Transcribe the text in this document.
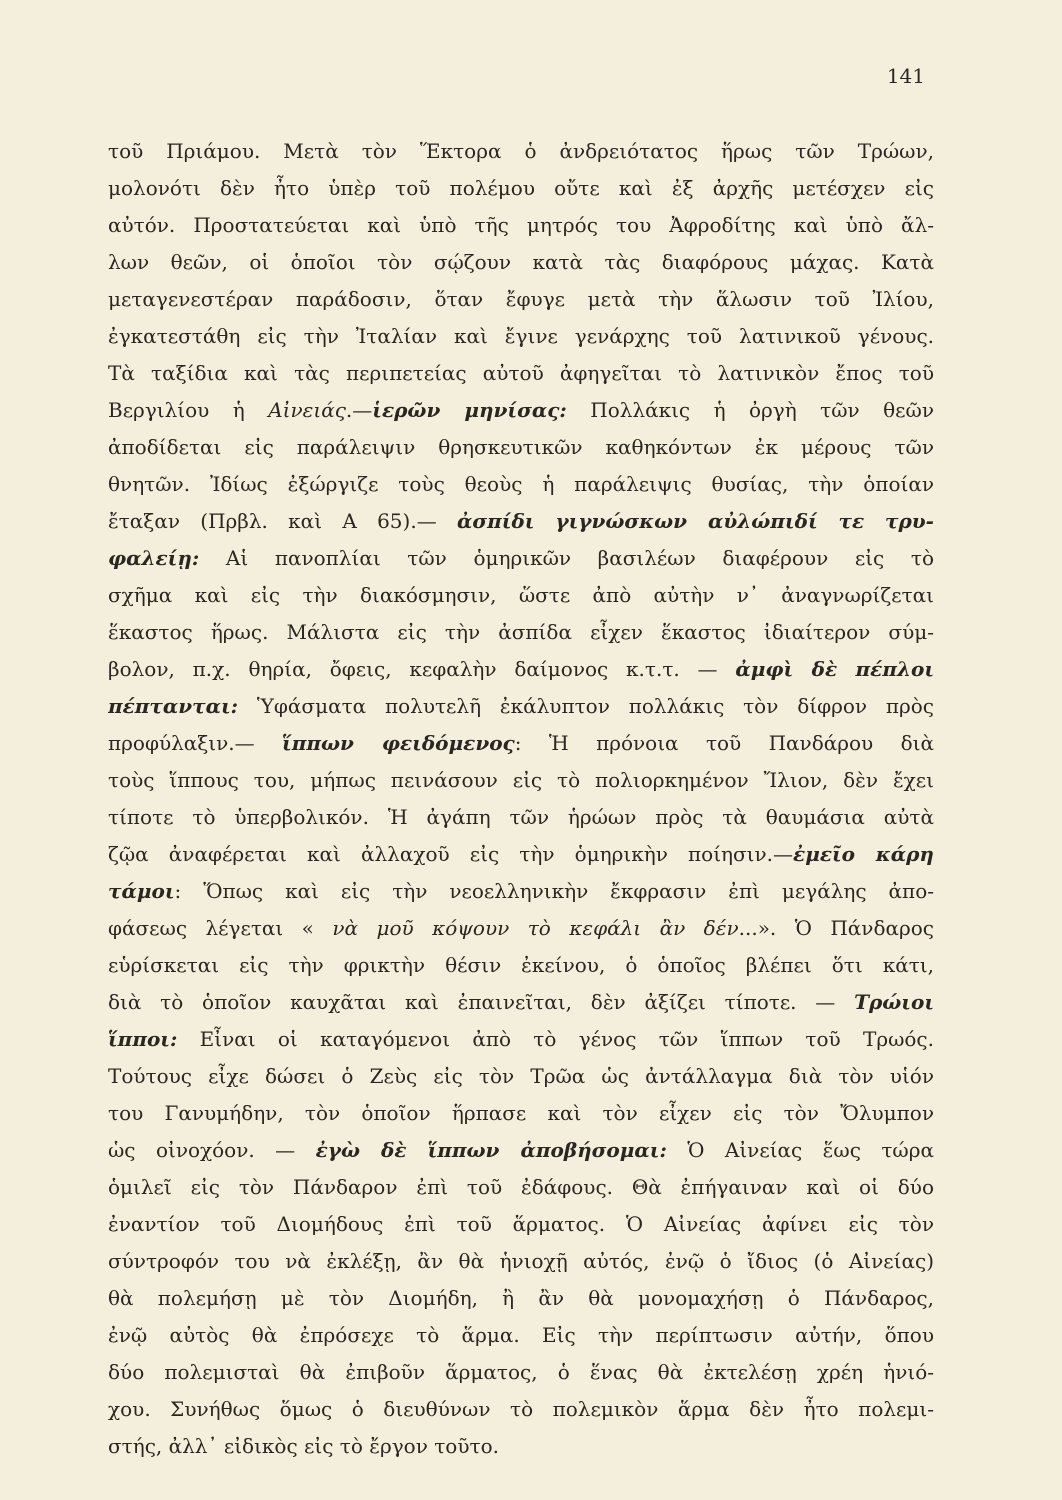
141
τοῦ Πριάμου. Μετὰ τὸν Ἕκτορα ὁ ἀνδρειότατος ἥρως τῶν Τρώων,
μολονότι δὲν ἦτο ὑπὲρ τοῦ πολέμου οὔτε καὶ ἐξ ἀρχῆς μετέσχεν εἰς
αὐτόν. Προστατεύεται καὶ ὑπὸ τῆς μητρός του Ἀφροδίτης καὶ ὑπὸ ἄλ-
λων θεῶν, οἱ ὁποῖοι τὸν σῴζουν κατὰ τὰς διαφόρους μάχας. Κατὰ
μεταγενεστέραν παράδοσιν, ὅταν ἔφυγε μετὰ τὴν ἅλωσιν τοῦ Ἰλίου,
ἐγκατεστάθη εἰς τὴν Ἰταλίαν καὶ ἔγινε γενάρχης τοῦ λατινικοῦ γένους.
Τὰ ταξίδια καὶ τὰς περιπετείας αὐτοῦ ἀφηγεῖται τὸ λατινικὸν ἔπος τοῦ
Βεργιλίου ἡ Αἰνειάς.—ἱερῶν μηνίσας: Πολλάκις ἡ ὀργὴ τῶν θεῶν
ἀποδίδεται εἰς παράλειψιν θρησκευτικῶν καθηκόντων ἐκ μέρους τῶν
θνητῶν. Ἰδίως ἐξώργιζε τοὺς θεοὺς ἡ παράλειψις θυσίας, τὴν ὁποίαν
ἔταξαν (Πρβλ. καὶ Α 65).— ἀσπίδι γιγνώσκων αὐλώπιδί τε τρυ-
φαλείῃ: Αἱ πανοπλίαι τῶν ὁμηρικῶν βασιλέων διαφέρουν εἰς τὸ
σχῆμα καὶ εἰς τὴν διακόσμησιν, ὥστε ἀπὸ αὐτὴν ν᾽ ἀναγνωρίζεται
ἕκαστος ἥρως. Μάλιστα εἰς τὴν ἀσπίδα εἶχεν ἕκαστος ἰδιαίτερον σύμ-
βολον, π.χ. θηρία, ὄφεις, κεφαλὴν δαίμονος κ.τ.τ. — ἀμφὶ δὲ πέπλοι
πέπτανται: Ὑφάσματα πολυτελῆ ἐκάλυπτον πολλάκις τὸν δίφρον πρὸς
προφύλαξιν.— ἵππων φειδόμενος: Ἡ πρόνοια τοῦ Πανδάρου διὰ
τοὺς ἵππους του, μήπως πεινάσουν εἰς τὸ πολιορκημένον Ἴλιον, δὲν ἔχει
τίποτε τὸ ὑπερβολικόν. Ἡ ἀγάπη τῶν ἡρώων πρὸς τὰ θαυμάσια αὐτὰ
ζῷα ἀναφέρεται καὶ ἀλλαχοῦ εἰς τὴν ὁμηρικὴν ποίησιν.—ἐμεῖο κάρη
τάμοι: Ὅπως καὶ εἰς τὴν νεοελληνικὴν ἔκφρασιν ἐπὶ μεγάλης ἀπο-
φάσεως λέγεται « νὰ μοῦ κόψουν τὸ κεφάλι ἂν δέν...». Ὁ Πάνδαρος
εὑρίσκεται εἰς τὴν φρικτὴν θέσιν ἐκείνου, ὁ ὁποῖος βλέπει ὅτι κάτι,
διὰ τὸ ὁποῖον καυχᾶται καὶ ἐπαινεῖται, δὲν ἀξίζει τίποτε. — Τρώιοι
ἵπποι: Εἶναι οἱ καταγόμενοι ἀπὸ τὸ γένος τῶν ἵππων τοῦ Τρωός.
Τούτους εἶχε δώσει ὁ Ζεὺς εἰς τὸν Τρῶα ὡς ἀντάλλαγμα διὰ τὸν υἱόν
του Γανυμήδην, τὸν ὁποῖον ἥρπασε καὶ τὸν εἶχεν εἰς τὸν Ὄλυμπον
ὡς οἰνοχόον. — ἐγὼ δὲ ἵππων ἀποβήσομαι: Ὁ Αἰνείας ἕως τώρα
ὁμιλεῖ εἰς τὸν Πάνδαρον ἐπὶ τοῦ ἐδάφους. Θὰ ἐπήγαιναν καὶ οἱ δύο
ἐναντίον τοῦ Διομήδους ἐπὶ τοῦ ἅρματος. Ὁ Αἰνείας ἀφίνει εἰς τὸν
σύντροφόν του νὰ ἐκλέξῃ, ἂν θὰ ἡνιοχῇ αὐτός, ἐνῷ ὁ ἴδιος (ὁ Αἰνείας)
θὰ πολεμήσῃ μὲ τὸν Διομήδη, ἢ ἂν θὰ μονομαχήσῃ ὁ Πάνδαρος,
ἐνῷ αὐτὸς θὰ ἐπρόσεχε τὸ ἅρμα. Εἰς τὴν περίπτωσιν αὐτήν, ὅπου
δύο πολεμισταὶ θὰ ἐπιβοῦν ἅρματος, ὁ ἕνας θὰ ἐκτελέσῃ χρέη ἡνιό-
χου. Συνήθως ὅμως ὁ διευθύνων τὸ πολεμικὸν ἅρμα δὲν ἦτο πολεμι-
στής, ἀλλ᾽ εἰδικὸς εἰς τὸ ἔργον τοῦτο.
